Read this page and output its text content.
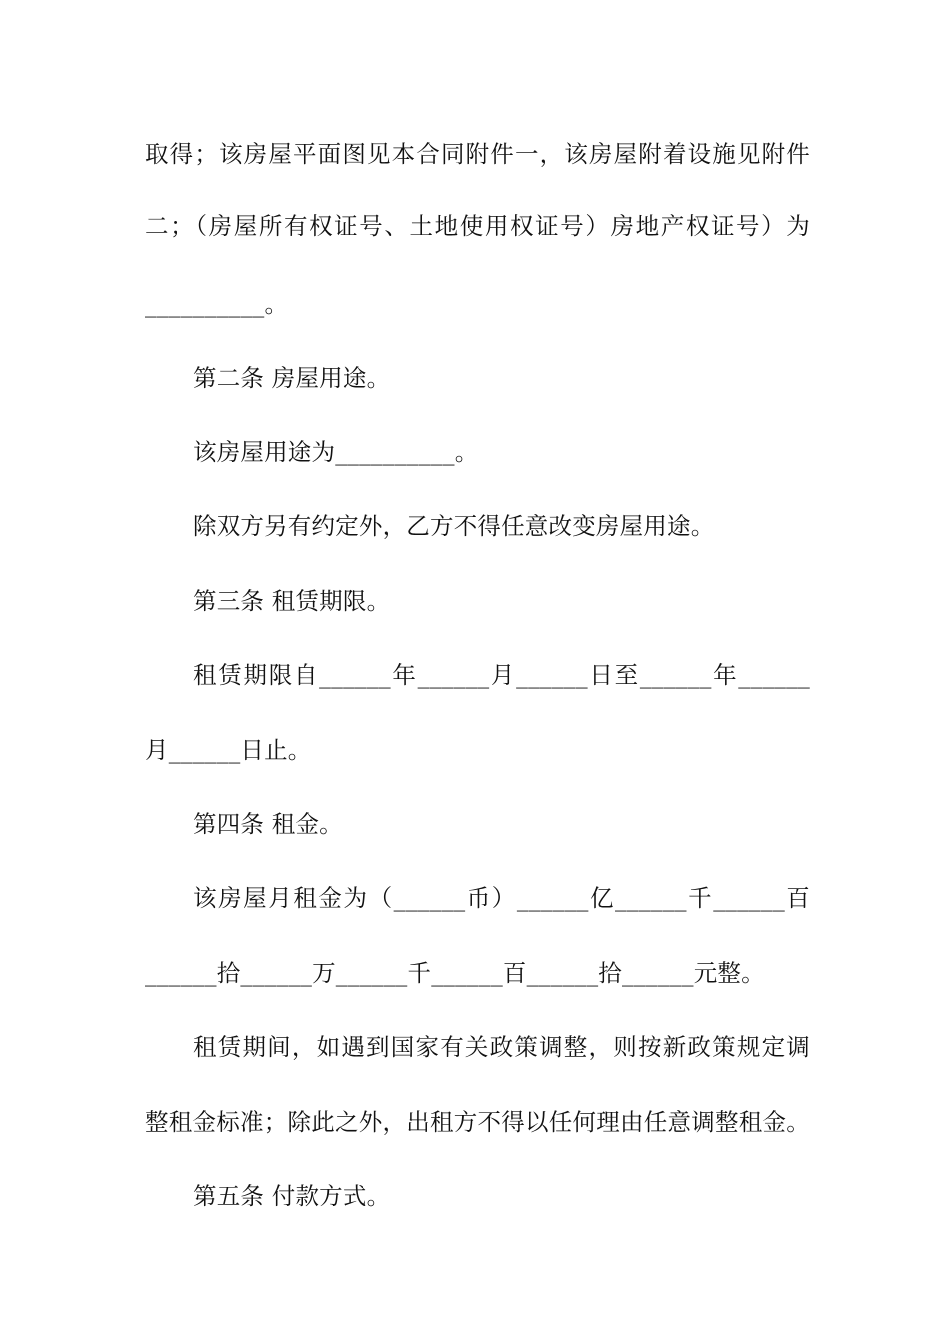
取得；该房屋平面图见本合同附件一，该房屋附着设施见附件
二；（房屋所有权证号、土地使用权证号）房地产权证号）为
__________。
第二条 房屋用途。
该房屋用途为__________。
除双方另有约定外，乙方不得任意改变房屋用途。
第三条 租赁期限。
租赁期限自______年______月______日至______年______
月______日止。
第四条 租金。
该房屋月租金为（______币）______亿______千______百
______拾______万______千______百______拾______元整。
租赁期间，如遇到国家有关政策调整，则按新政策规定调
整租金标准；除此之外，出租方不得以任何理由任意调整租金。
第五条 付款方式。
